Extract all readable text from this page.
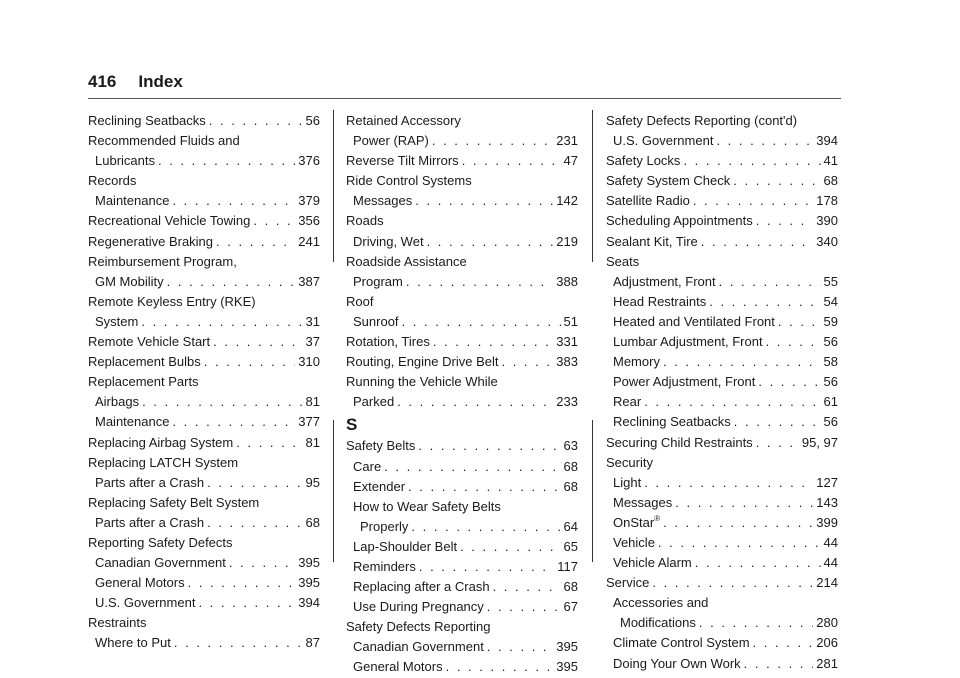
416 Index
Reclining Seatbacks . . .	56
Recommended Fluids and
Lubricants . . .	376
Records
Maintenance . . .	379
Recreational Vehicle Towing . . .	356
Regenerative Braking . . .	241
Reimbursement Program,
GM Mobility . . .	387
Remote Keyless Entry (RKE)
System . . .	31
Remote Vehicle Start . . .	37
Replacement Bulbs . . .	310
Replacement Parts
Airbags . . .	81
Maintenance . . .	377
Replacing Airbag System . . .	81
Replacing LATCH System
Parts after a Crash . . .	95
Replacing Safety Belt System
Parts after a Crash . . .	68
Reporting Safety Defects
Canadian Government . . .	395
General Motors . . .	395
U.S. Government . . .	394
Restraints
Where to Put . . .	87
Retained Accessory
Power (RAP) . . .	231
Reverse Tilt Mirrors . . .	47
Ride Control Systems
Messages . . .	142
Roads
Driving, Wet . . .	219
Roadside Assistance
Program . . .	388
Roof
Sunroof . . .	51
Rotation, Tires . . .	331
Routing, Engine Drive Belt . . .	383
Running the Vehicle While
Parked . . .	233
S
Safety Belts . . .	63
Care . . .	68
Extender . . .	68
How to Wear Safety Belts
Properly . . .	64
Lap-Shoulder Belt . . .	65
Reminders . . .	117
Replacing after a Crash . . .	68
Use During Pregnancy . . .	67
Safety Defects Reporting
Canadian Government . . .	395
General Motors . . .	395
Safety Defects Reporting (cont'd)
U.S. Government . . .	394
Safety Locks . . .	41
Safety System Check . . .	68
Satellite Radio . . .	178
Scheduling Appointments . . .	390
Sealant Kit, Tire . . .	340
Seats
Adjustment, Front . . .	55
Head Restraints . . .	54
Heated and Ventilated Front . . .	59
Lumbar Adjustment, Front . . .	56
Memory . . .	58
Power Adjustment, Front . . .	56
Rear . . .	61
Reclining Seatbacks . . .	56
Securing Child Restraints . . .	95, 97
Security
Light . . .	127
Messages . . .	143
OnStar® . . .	399
Vehicle . . .	44
Vehicle Alarm . . .	44
Service . . .	214
Accessories and
Modifications . . .	280
Climate Control System . . .	206
Doing Your Own Work . . .	281
